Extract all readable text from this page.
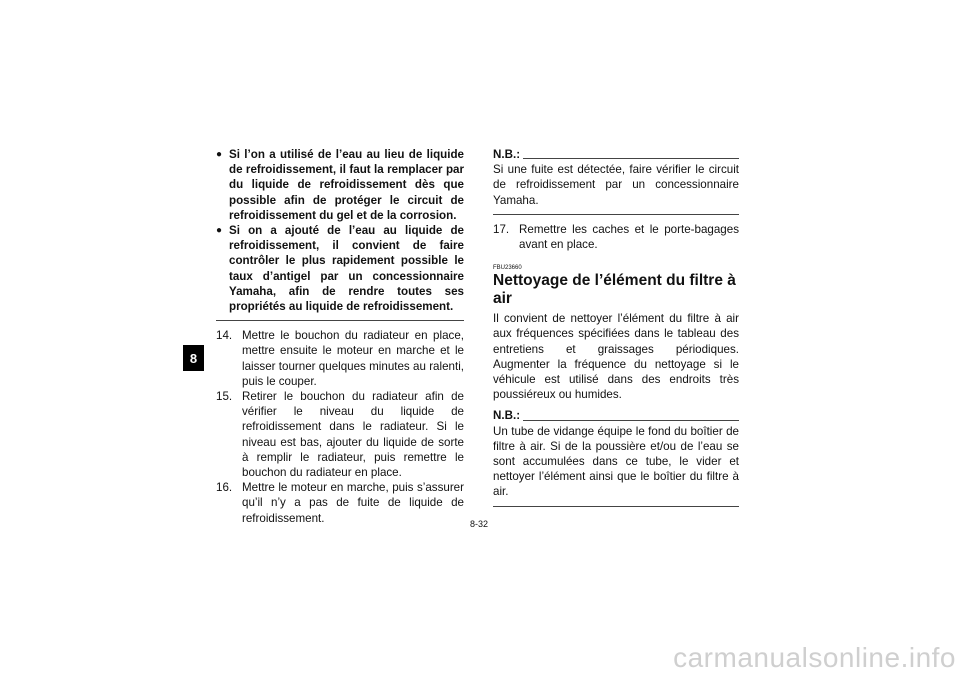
8
● Si l’on a utilisé de l’eau au lieu de liquide de refroidissement, il faut la remplacer par du liquide de refroidissement dès que possible afin de protéger le circuit de refroidissement du gel et de la corrosion.
● Si on a ajouté de l’eau au liquide de refroidissement, il convient de faire contrôler le plus rapidement possible le taux d’antigel par un concessionnaire Yamaha, afin de rendre toutes ses propriétés au liquide de refroidissement.
14. Mettre le bouchon du radiateur en place, mettre ensuite le moteur en marche et le laisser tourner quelques minutes au ralenti, puis le couper.
15. Retirer le bouchon du radiateur afin de vérifier le niveau du liquide de refroidissement dans le radiateur. Si le niveau est bas, ajouter du liquide de sorte à remplir le radiateur, puis remettre le bouchon du radiateur en place.
16. Mettre le moteur en marche, puis s’assurer qu’il n’y a pas de fuite de liquide de refroidissement.
N.B.:
Si une fuite est détectée, faire vérifier le circuit de refroidissement par un concessionnaire Yamaha.
17. Remettre les caches et le porte-bagages avant en place.
FBU23660
Nettoyage de l’élément du filtre à air
Il convient de nettoyer l’élément du filtre à air aux fréquences spécifiées dans le tableau des entretiens et graissages périodiques. Augmenter la fréquence du nettoyage si le véhicule est utilisé dans des endroits très poussiéreux ou humides.
N.B.:
Un tube de vidange équipe le fond du boîtier de filtre à air. Si de la poussière et/ou de l’eau se sont accumulées dans ce tube, le vider et nettoyer l’élément ainsi que le boîtier du filtre à air.
8-32
carmanualsonline.info
